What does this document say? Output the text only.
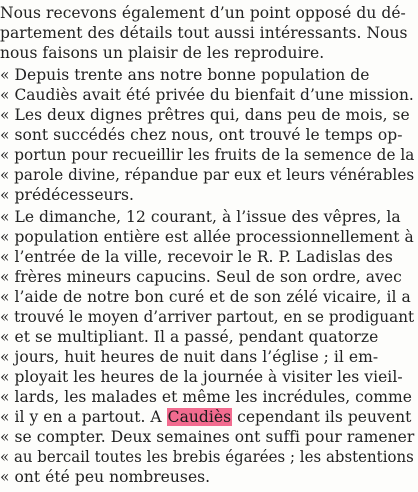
Nous recevons également d’un point opposé du dé-
partement des détails tout aussi intéressants. Nous
nous faisons un plaisir de les reproduire.
« Depuis trente ans notre bonne population de
« Caudiès avait été privée du bienfait d’une mission.
« Les deux dignes prêtres qui, dans peu de mois, se
« sont succédés chez nous, ont trouvé le temps op-
« portun pour recueillir les fruits de la semence de la
« parole divine, répandue par eux et leurs vénérables
« prédécesseurs.
« Le dimanche, 12 courant, à l’issue des vêpres, la
« population entière est allée processionnellement à
« l’entrée de la ville, recevoir le R. P. Ladislas des
« frères mineurs capucins. Seul de son ordre, avec
« l’aide de notre bon curé et de son zélé vicaire, il a
« trouvé le moyen d’arriver partout, en se prodiguant
« et se multipliant. Il a passé, pendant quatorze
« jours, huit heures de nuit dans l’église ; il em-
« ployait les heures de la journée à visiter les vieil-
« lards, les malades et même les incrédules, comme
« il y en a partout. A Caudiès cependant ils peuvent
« se compter. Deux semaines ont suffi pour ramener
« au bercail toutes les brebis égarées ; les abstentions
« ont été peu nombreuses.
